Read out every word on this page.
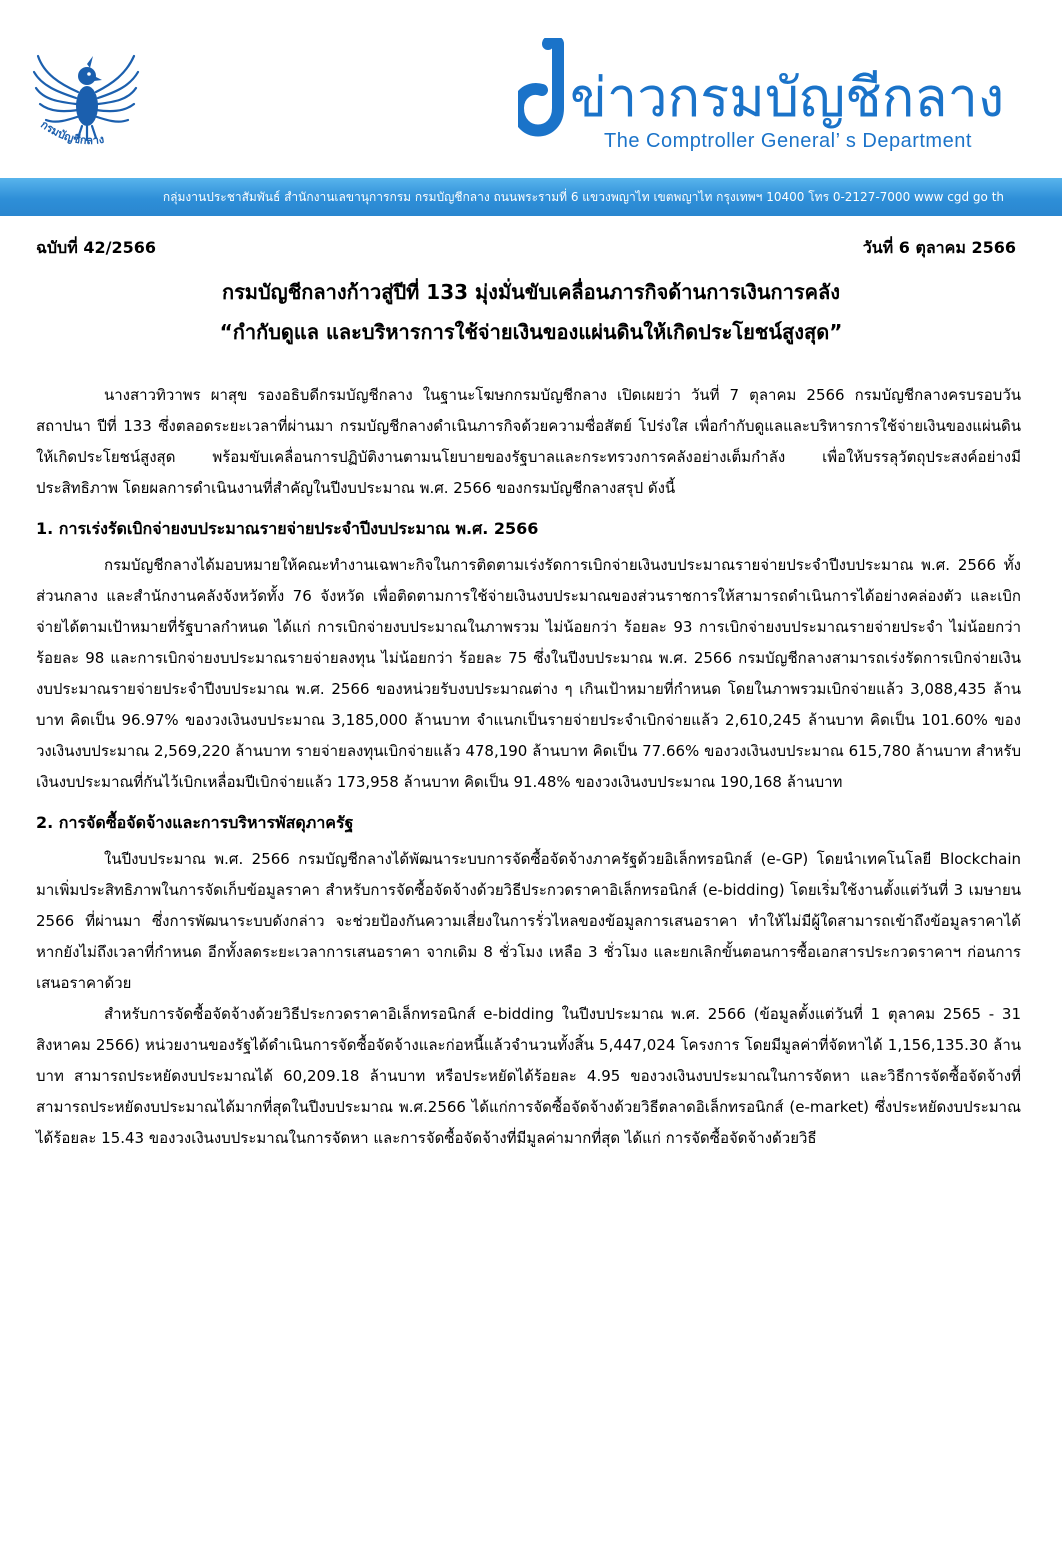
กรมบัญชีกลาง
ข่าวกรมบัญชีกลาง
The Comptroller General’ s Department
กลุ่มงานประชาสัมพันธ์ สำนักงานเลขานุการกรม กรมบัญชีกลาง ถนนพระรามที่ 6 แขวงพญาไท เขตพญาไท กรุงเทพฯ 10400 โทร 0-2127-7000 www cgd go th
ฉบับที่ 42/2566	วันที่ 6 ตุลาคม 2566
กรมบัญชีกลางก้าวสู่ปีที่ 133 มุ่งมั่นขับเคลื่อนภารกิจด้านการเงินการคลัง
“กำกับดูแล และบริหารการใช้จ่ายเงินของแผ่นดินให้เกิดประโยชน์สูงสุด”

นางสาวทิวาพร ผาสุข รองอธิบดีกรมบัญชีกลาง ในฐานะโฆษกกรมบัญชีกลาง เปิดเผยว่า วันที่ 7 ตุลาคม 2566 กรมบัญชีกลางครบรอบวันสถาปนา ปีที่ 133 ซึ่งตลอดระยะเวลาที่ผ่านมา กรมบัญชีกลางดำเนินภารกิจด้วยความซื่อสัตย์ โปร่งใส เพื่อกำกับดูแลและบริหารการใช้จ่ายเงินของแผ่นดินให้เกิดประโยชน์สูงสุด พร้อมขับเคลื่อนการปฏิบัติงานตามนโยบายของรัฐบาลและกระทรวงการคลังอย่างเต็มกำลัง เพื่อให้บรรลุวัตถุประสงค์อย่างมีประสิทธิภาพ โดยผลการดำเนินงานที่สำคัญในปีงบประมาณ พ.ศ. 2566 ของกรมบัญชีกลางสรุป ดังนี้

1. การเร่งรัดเบิกจ่ายงบประมาณรายจ่ายประจำปีงบประมาณ พ.ศ. 2566

กรมบัญชีกลางได้มอบหมายให้คณะทำงานเฉพาะกิจในการติดตามเร่งรัดการเบิกจ่ายเงินงบประมาณรายจ่ายประจำปีงบประมาณ พ.ศ. 2566 ทั้งส่วนกลาง และสำนักงานคลังจังหวัดทั้ง 76 จังหวัด เพื่อติดตามการใช้จ่ายเงินงบประมาณของส่วนราชการให้สามารถดำเนินการได้อย่างคล่องตัว และเบิกจ่ายได้ตามเป้าหมายที่รัฐบาลกำหนด ได้แก่ การเบิกจ่ายงบประมาณในภาพรวม ไม่น้อยกว่า ร้อยละ 93 การเบิกจ่ายงบประมาณรายจ่ายประจำ ไม่น้อยกว่า ร้อยละ 98 และการเบิกจ่ายงบประมาณรายจ่ายลงทุน ไม่น้อยกว่า ร้อยละ 75 ซึ่งในปีงบประมาณ พ.ศ. 2566 กรมบัญชีกลางสามารถเร่งรัดการเบิกจ่ายเงินงบประมาณรายจ่ายประจำปีงบประมาณ พ.ศ. 2566 ของหน่วยรับงบประมาณต่าง ๆ เกินเป้าหมายที่กำหนด โดยในภาพรวมเบิกจ่ายแล้ว 3,088,435 ล้านบาท คิดเป็น 96.97% ของวงเงินงบประมาณ 3,185,000 ล้านบาท จำแนกเป็นรายจ่ายประจำเบิกจ่ายแล้ว 2,610,245 ล้านบาท คิดเป็น 101.60% ของวงเงินงบประมาณ 2,569,220 ล้านบาท รายจ่ายลงทุนเบิกจ่ายแล้ว 478,190 ล้านบาท คิดเป็น 77.66% ของวงเงินงบประมาณ 615,780 ล้านบาท สำหรับเงินงบประมาณที่กันไว้เบิกเหลื่อมปีเบิกจ่ายแล้ว 173,958 ล้านบาท คิดเป็น 91.48% ของวงเงินงบประมาณ 190,168 ล้านบาท

2. การจัดซื้อจัดจ้างและการบริหารพัสดุภาครัฐ

ในปีงบประมาณ พ.ศ. 2566 กรมบัญชีกลางได้พัฒนาระบบการจัดซื้อจัดจ้างภาครัฐด้วยอิเล็กทรอนิกส์ (e-GP) โดยนำเทคโนโลยี Blockchain มาเพิ่มประสิทธิภาพในการจัดเก็บข้อมูลราคา สำหรับการจัดซื้อจัดจ้างด้วยวิธีประกวดราคาอิเล็กทรอนิกส์ (e-bidding) โดยเริ่มใช้งานตั้งแต่วันที่ 3 เมษายน 2566 ที่ผ่านมา ซึ่งการพัฒนาระบบดังกล่าว จะช่วยป้องกันความเสี่ยงในการรั่วไหลของข้อมูลการเสนอราคา ทำให้ไม่มีผู้ใดสามารถเข้าถึงข้อมูลราคาได้ หากยังไม่ถึงเวลาที่กำหนด อีกทั้งลดระยะเวลาการเสนอราคา จากเดิม 8 ชั่วโมง เหลือ 3 ชั่วโมง และยกเลิกขั้นตอนการซื้อเอกสารประกวดราคาฯ ก่อนการเสนอราคาด้วย

สำหรับการจัดซื้อจัดจ้างด้วยวิธีประกวดราคาอิเล็กทรอนิกส์ e-bidding ในปีงบประมาณ พ.ศ. 2566 (ข้อมูลตั้งแต่วันที่ 1 ตุลาคม 2565 - 31 สิงหาคม 2566) หน่วยงานของรัฐได้ดำเนินการจัดซื้อจัดจ้างและก่อหนี้แล้วจำนวนทั้งสิ้น 5,447,024 โครงการ โดยมีมูลค่าที่จัดหาได้ 1,156,135.30 ล้านบาท สามารถประหยัดงบประมาณได้ 60,209.18 ล้านบาท หรือประหยัดได้ร้อยละ 4.95 ของวงเงินงบประมาณในการจัดหา และวิธีการจัดซื้อจัดจ้างที่สามารถประหยัดงบประมาณได้มากที่สุดในปีงบประมาณ พ.ศ.2566 ได้แก่การจัดซื้อจัดจ้างด้วยวิธีตลาดอิเล็กทรอนิกส์ (e-market) ซึ่งประหยัดงบประมาณได้ร้อยละ 15.43 ของวงเงินงบประมาณในการจัดหา และการจัดซื้อจัดจ้างที่มีมูลค่ามากที่สุด ได้แก่ การจัดซื้อจัดจ้างด้วยวิธี
